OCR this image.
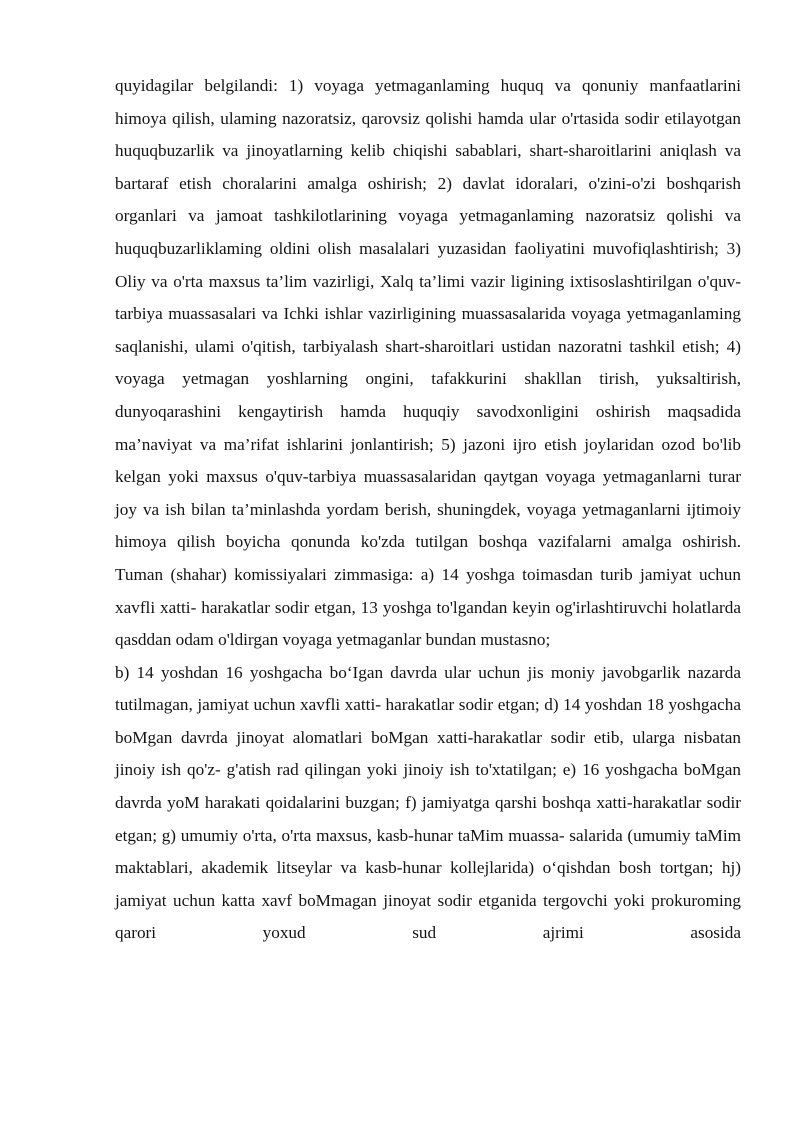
quyidagilar belgilandi: 1) voyaga yetmaganlaming huquq va qonuniy manfaatlarini himoya qilish, ulaming nazoratsiz, qarovsiz qolishi hamda ular o'rtasida sodir etilayotgan huquqbuzarlik va jinoyatlarning kelib chiqishi sabablari, shart-sharoitlarini aniqlash va bartaraf etish choralarini amalga oshirish; 2) davlat idoralari, o'zini-o'zi boshqarish organlari va jamoat tashkilotlarining voyaga yetmaganlaming nazoratsiz qolishi va huquqbuzarliklaming oldini olish masalalari yuzasidan faoliyatini muvofiqlashtirish; 3) Oliy va o'rta maxsus ta’lim vazirligi, Xalq ta’limi vazir ligining ixtisoslashtirilgan o'quv-tarbiya muassasalari va Ichki ishlar vazirligining muassasalarida voyaga yetmaganlaming saqlanishi, ulami o'qitish, tarbiyalash shart-sharoitlari ustidan nazoratni tashkil etish; 4) voyaga yetmagan yoshlarning ongini, tafakkurini shakllan tirish, yuksaltirish, dunyoqarashini kengaytirish hamda huquqiy savodxonligini oshirish maqsadida ma’naviyat va ma’rifat ishlarini jonlantirish; 5) jazoni ijro etish joylaridan ozod bo'lib kelgan yoki maxsus o'quv-tarbiya muassasalaridan qaytgan voyaga yetmaganlarni turar joy va ish bilan ta’minlashda yordam berish, shuningdek, voyaga yetmaganlarni ijtimoiy himoya qilish boyicha qonunda ko'zda tutilgan boshqa vazifalarni amalga oshirish.

Tuman (shahar) komissiyalari zimmasiga: a) 14 yoshga toimasdan turib jamiyat uchun xavfli xatti- harakatlar sodir etgan, 13 yoshga to'lgandan keyin og'irlashtiruvchi holatlarda qasddan odam o'ldirgan voyaga yetmaganlar bundan mustasno;

b) 14 yoshdan 16 yoshgacha bo‘Igan davrda ular uchun jis moniy javobgarlik nazarda tutilmagan, jamiyat uchun xavfli xatti- harakatlar sodir etgan; d) 14 yoshdan 18 yoshgacha boMgan davrda jinoyat alomatlari boMgan xatti-harakatlar sodir etib, ularga nisbatan jinoiy ish qo'z- g'atish rad qilingan yoki jinoiy ish to'xtatilgan; e) 16 yoshgacha boMgan davrda yoM harakati qoidalarini buzgan; f) jamiyatga qarshi boshqa xatti-harakatlar sodir etgan; g) umumiy o'rta, o'rta maxsus, kasb-hunar taMim muassa- salarida (umumiy taMim maktablari, akademik litseylar va kasb-hunar kollejlarida) o‘qishdan bosh tortgan; hj) jamiyat uchun katta xavf boMmagan jinoyat sodir etganida tergovchi yoki prokuroming qarori yoxud sud ajrimi asosida
